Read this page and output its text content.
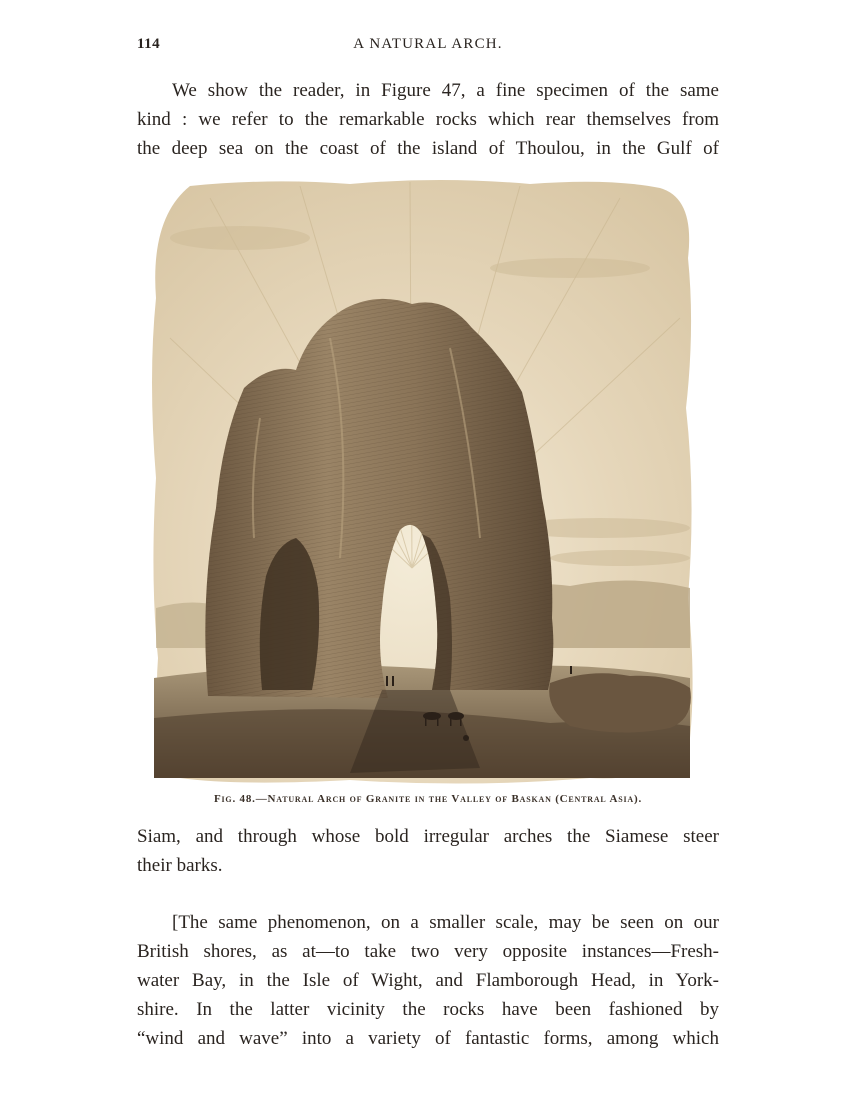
114	A NATURAL ARCH.
We show the reader, in Figure 47, a fine specimen of the same
kind : we refer to the remarkable rocks which rear themselves from
the deep sea on the coast of the island of Thoulou, in the Gulf of
Fig. 48.—Natural Arch of Granite in the Valley of Baskan (Central Asia).
Siam, and through whose bold irregular arches the Siamese steer
their barks.
[The same phenomenon, on a smaller scale, may be seen on our
British shores, as at—to take two very opposite instances—Fresh-
water Bay, in the Isle of Wight, and Flamborough Head, in York-
shire. In the latter vicinity the rocks have been fashioned by
“wind and wave” into a variety of fantastic forms, among which
